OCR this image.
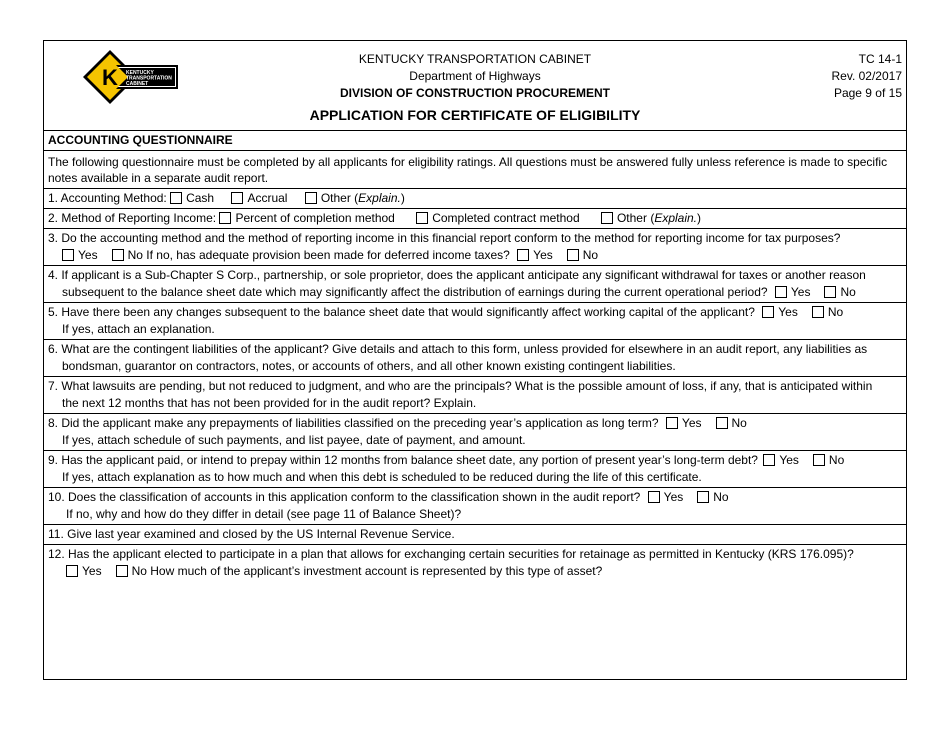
K KENTUCKY
TRANSPORTATION
CABINET
KENTUCKY TRANSPORTATION CABINET
Department of Highways
DIVISION OF CONSTRUCTION PROCUREMENT
TC 14-1
Rev. 02/2017
Page 9 of 15
APPLICATION FOR CERTIFICATE OF ELIGIBILITY
ACCOUNTING QUESTIONNAIRE
The following questionnaire must be completed by all applicants for eligibility ratings. All questions must be answered fully unless reference is made to specific notes available in a separate audit report.
1. Accounting Method: Cash	Accrual	Other (Explain.)
2. Method of Reporting Income: Percent of completion method	Completed contract method	Other (Explain.)
3. Do the accounting method and the method of reporting income in this financial report conform to the method for reporting income for tax purposes?
Yes	No If no, has adequate provision been made for deferred income taxes? Yes	No
4. If applicant is a Sub-Chapter S Corp., partnership, or sole proprietor, does the applicant anticipate any significant withdrawal for taxes or another reason
subsequent to the balance sheet date which may significantly affect the distribution of earnings during the current operational period? Yes	No
5. Have there been any changes subsequent to the balance sheet date that would significantly affect working capital of the applicant? Yes	No
If yes, attach an explanation.
6. What are the contingent liabilities of the applicant? Give details and attach to this form, unless provided for elsewhere in an audit report, any liabilities as
bondsman, guarantor on contractors, notes, or accounts of others, and all other known existing contingent liabilities.
7. What lawsuits are pending, but not reduced to judgment, and who are the principals? What is the possible amount of loss, if any, that is anticipated within
the next 12 months that has not been provided for in the audit report? Explain.
8. Did the applicant make any prepayments of liabilities classified on the preceding year’s application as long term? Yes	No
If yes, attach schedule of such payments, and list payee, date of payment, and amount.
9. Has the applicant paid, or intend to prepay within 12 months from balance sheet date, any portion of present year’s long-term debt? Yes	No
If yes, attach explanation as to how much and when this debt is scheduled to be reduced during the life of this certificate.
10. Does the classification of accounts in this application conform to the classification shown in the audit report? Yes	No
If no, why and how do they differ in detail (see page 11 of Balance Sheet)?
11. Give last year examined and closed by the US Internal Revenue Service.
12. Has the applicant elected to participate in a plan that allows for exchanging certain securities for retainage as permitted in Kentucky (KRS 176.095)?
Yes	No How much of the applicant’s investment account is represented by this type of asset?
